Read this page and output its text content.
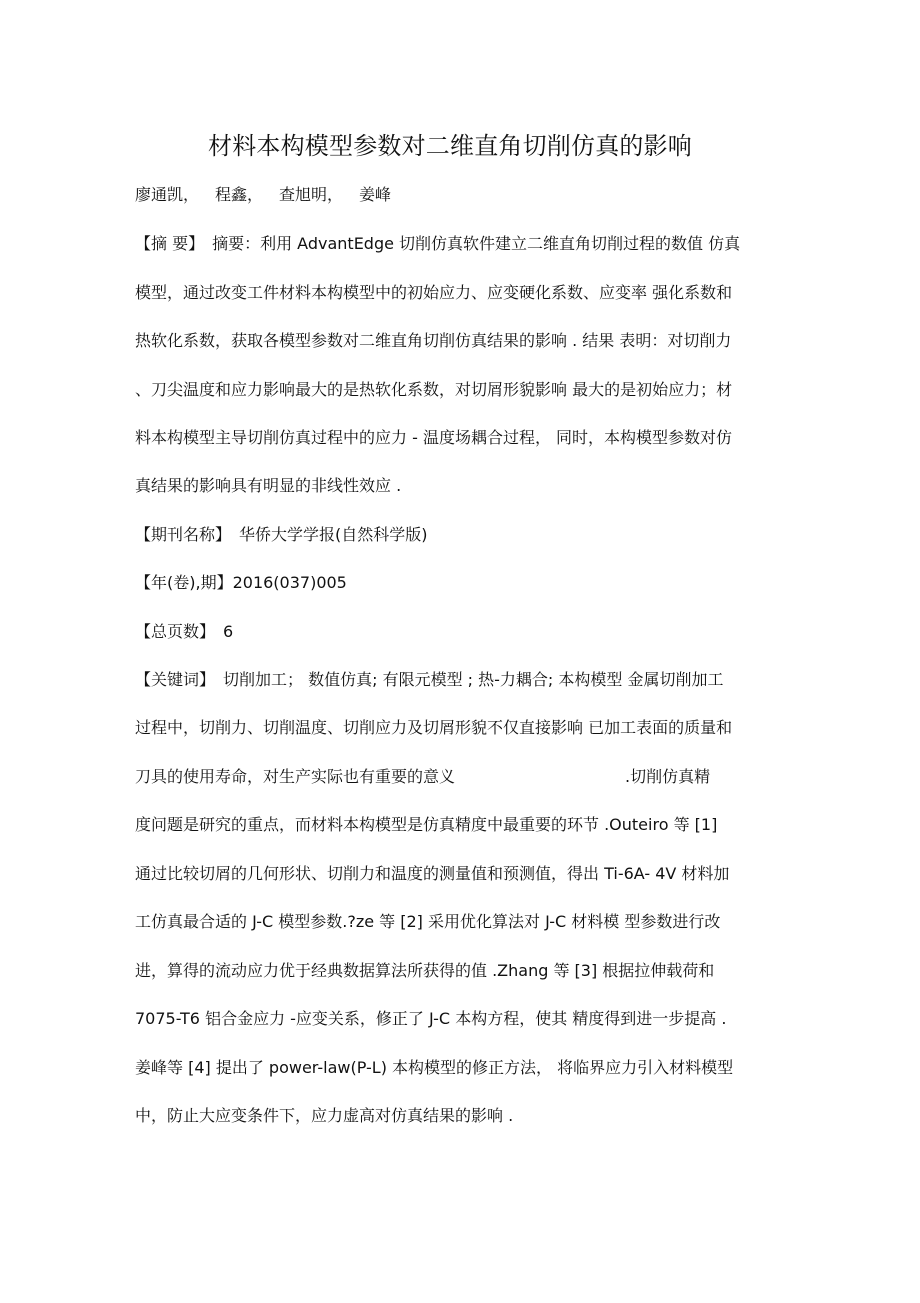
材料本构模型参数对二维直角切削仿真的影响
廖通凯， 程鑫， 查旭明， 姜峰
【摘 要】 摘要：利用 AdvantEdge 切削仿真软件建立二维直角切削过程的数值 仿真
模型，通过改变工件材料本构模型中的初始应力、应变硬化系数、应变率 强化系数和
热软化系数，获取各模型参数对二维直角切削仿真结果的影响 . 结果 表明：对切削力
、刀尖温度和应力影响最大的是热软化系数，对切屑形貌影响 最大的是初始应力；材
料本构模型主导切削仿真过程中的应力 - 温度场耦合过程， 同时，本构模型参数对仿
真结果的影响具有明显的非线性效应 .
【期刊名称】 华侨大学学报(自然科学版)
【年(卷),期】2016(037)005
【总页数】 6
【关键词】 切削加工； 数值仿真; 有限元模型 ; 热-力耦合; 本构模型 金属切削加工
过程中，切削力、切削温度、切削应力及切屑形貌不仅直接影响 已加工表面的质量和
刀具的使用寿命，对生产实际也有重要的意义	.切削仿真精
度问题是研究的重点，而材料本构模型是仿真精度中最重要的环节 .Outeiro 等 [1]
通过比较切屑的几何形状、切削力和温度的测量值和预测值，得出 Ti-6A- 4V 材料加
工仿真最合适的 J-C 模型参数.?ze 等 [2] 采用优化算法对 J-C 材料模 型参数进行改
进，算得的流动应力优于经典数据算法所获得的值 .Zhang 等 [3] 根据拉伸载荷和
7075-T6 铝合金应力 -应变关系，修正了 J-C 本构方程，使其 精度得到进一步提高 .
姜峰等 [4] 提出了 power-law(P-L) 本构模型的修正方法， 将临界应力引入材料模型
中，防止大应变条件下，应力虚高对仿真结果的影响 .
